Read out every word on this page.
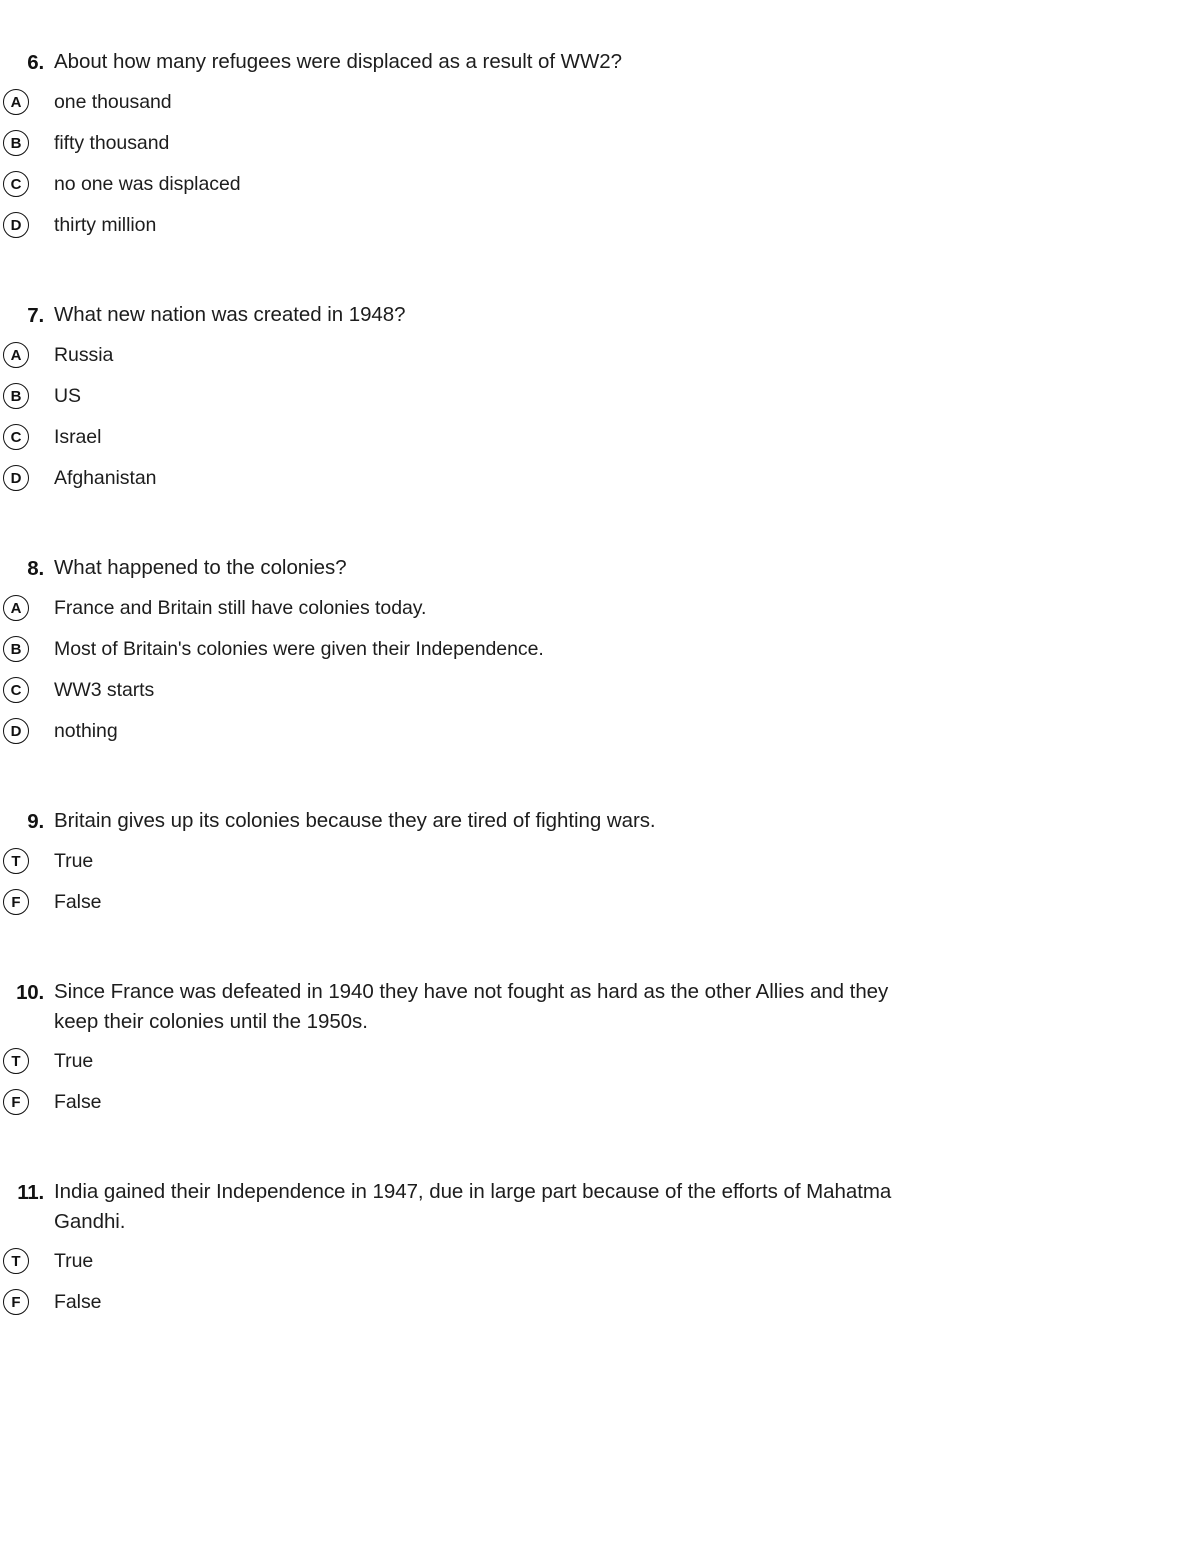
6. About how many refugees were displaced as a result of WW2?
A	one thousand
B	fifty thousand
C	no one was displaced
D	thirty million
7. What new nation was created in 1948?
A	Russia
B	US
C	Israel
D	Afghanistan
8. What happened to the colonies?
A	France and Britain still have colonies today.
B	Most of Britain's colonies were given their Independence.
C	WW3 starts
D	nothing
9. Britain gives up its colonies because they are tired of fighting wars.
T	True
F	False
10. Since France was defeated in 1940 they have not fought as hard as the other Allies and they keep their colonies until the 1950s.
T	True
F	False
11. India gained their Independence in 1947, due in large part because of the efforts of Mahatma Gandhi.
T	True
F	False
